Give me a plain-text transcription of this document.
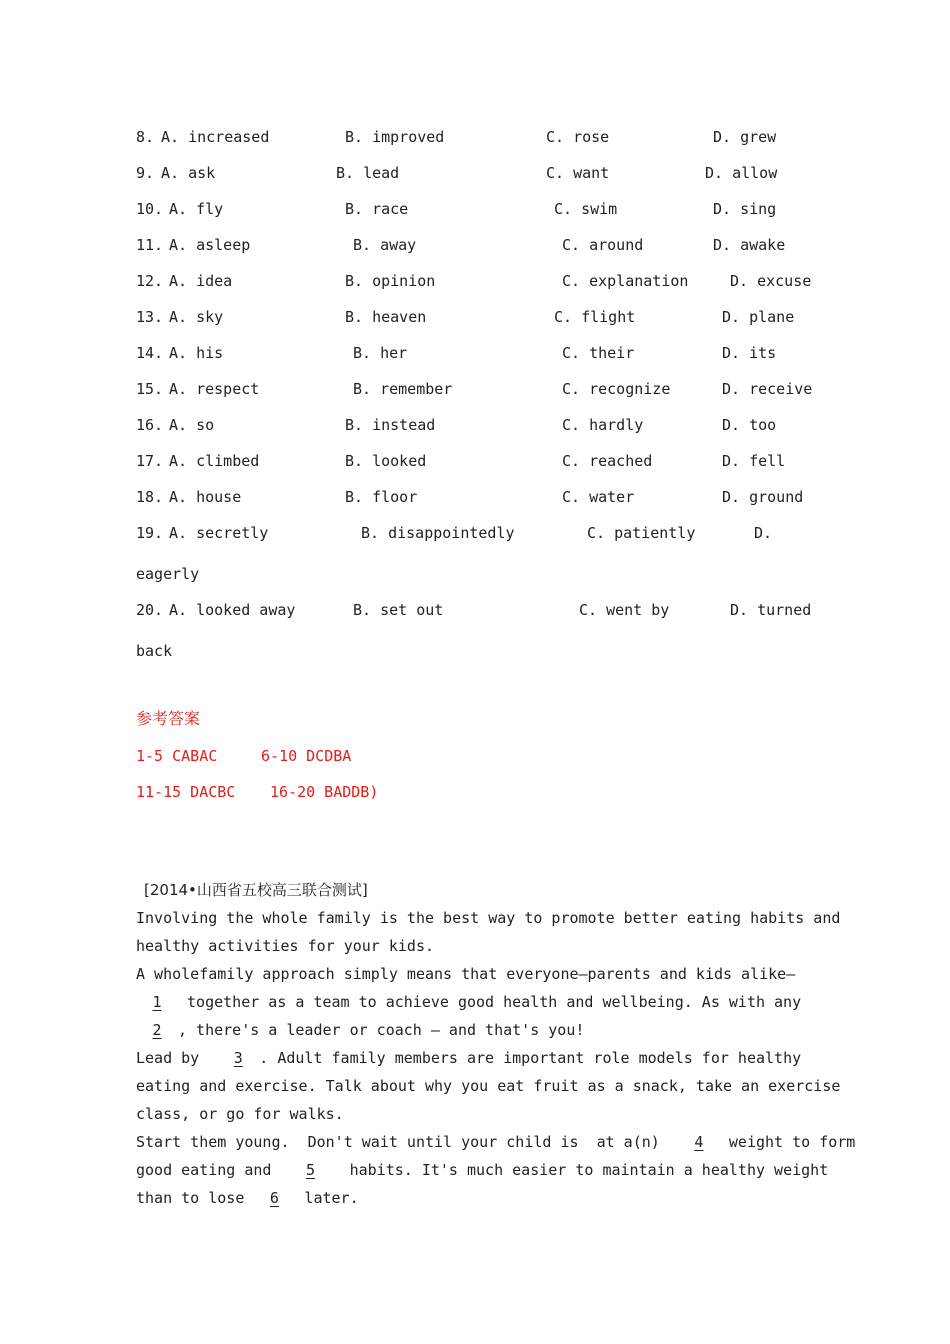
8. A. increased	B. improved	C. rose	D. grew
9. A. ask	B. lead	C. want	D. allow
10. A. fly	B. race	C. swim	D. sing
11. A. asleep	B. away	C. around	D. awake
12. A. idea	B. opinion	C. explanation	D. excuse
13. A. sky	B. heaven	C. flight	D. plane
14. A. his	B. her	C. their	D. its
15. A. respect	B. remember	C. recognize	D. receive
16. A. so	B. instead	C. hardly	D. too
17. A. climbed	B. looked	C. reached	D. fell
18. A. house	B. floor	C. water	D. ground
19. A. secretly	B. disappointedly	C. patiently	D.
eagerly
20. A. looked away	B. set out	C. went by	D. turned
back
参考答案
1-5 CABAC	6-10 DCDBA
11-15 DACBC 16-20 BADDB)
[2014•山西省五校高三联合测试]
Involving the whole family is the best way to promote better eating habits and
healthy activities for your kids.
A wholefamily approach simply means that everyone—parents and kids alike—
1 together as a team to achieve good health and wellbeing. As with any
2 , there's a leader or coach — and that's you!
Lead by  3 . Adult family members are important role models for healthy
eating and exercise. Talk about why you eat fruit as a snack, take an exercise
class, or go for walks.
Start them young.  Don't wait until your child is  at a(n)  4 weight to form
good eating and  5  habits. It's much easier to maintain a healthy weight
than to lose 6 later.
